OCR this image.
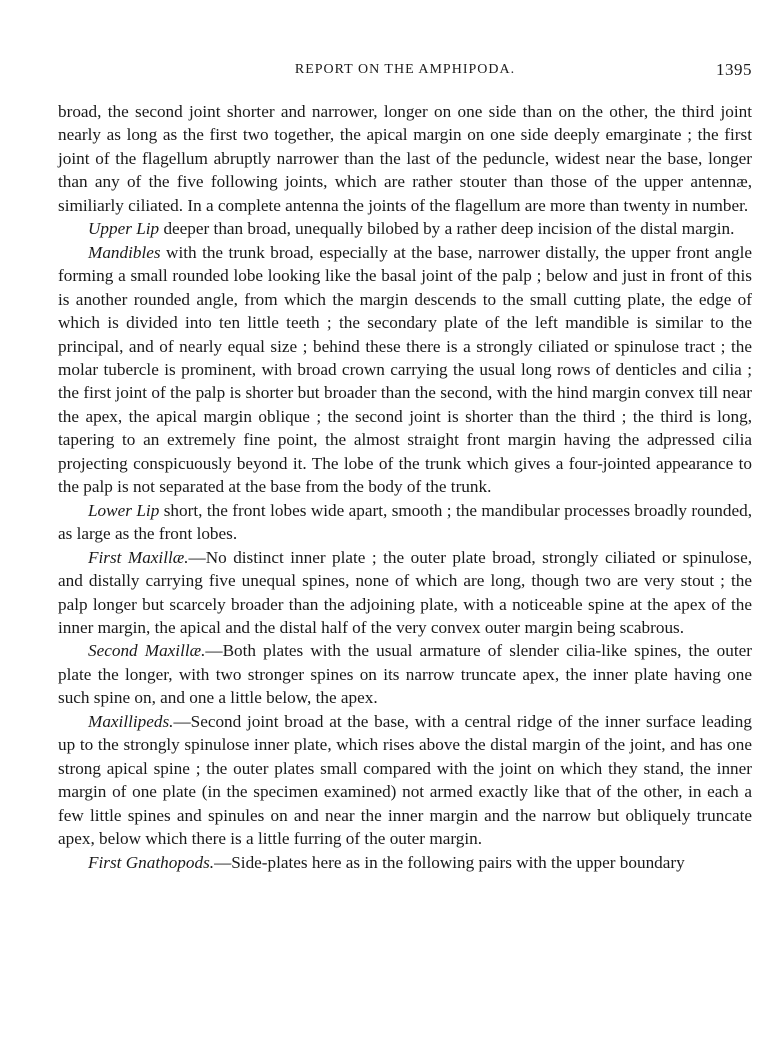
REPORT ON THE AMPHIPODA.	1395

broad, the second joint shorter and narrower, longer on one side than on the other, the third joint nearly as long as the first two together, the apical margin on one side deeply emarginate ; the first joint of the flagellum abruptly narrower than the last of the peduncle, widest near the base, longer than any of the five following joints, which are rather stouter than those of the upper antennæ, similiarly ciliated. In a complete antenna the joints of the flagellum are more than twenty in number.

Upper Lip deeper than broad, unequally bilobed by a rather deep incision of the distal margin.

Mandibles with the trunk broad, especially at the base, narrower distally, the upper front angle forming a small rounded lobe looking like the basal joint of the palp ; below and just in front of this is another rounded angle, from which the margin descends to the small cutting plate, the edge of which is divided into ten little teeth ; the secondary plate of the left mandible is similar to the principal, and of nearly equal size ; behind these there is a strongly ciliated or spinulose tract ; the molar tubercle is prominent, with broad crown carrying the usual long rows of denticles and cilia ; the first joint of the palp is shorter but broader than the second, with the hind margin convex till near the apex, the apical margin oblique ; the second joint is shorter than the third ; the third is long, tapering to an extremely fine point, the almost straight front margin having the adpressed cilia projecting conspicuously beyond it. The lobe of the trunk which gives a four-jointed appearance to the palp is not separated at the base from the body of the trunk.

Lower Lip short, the front lobes wide apart, smooth ; the mandibular processes broadly rounded, as large as the front lobes.

First Maxillæ.—No distinct inner plate ; the outer plate broad, strongly ciliated or spinulose, and distally carrying five unequal spines, none of which are long, though two are very stout ; the palp longer but scarcely broader than the adjoining plate, with a noticeable spine at the apex of the inner margin, the apical and the distal half of the very convex outer margin being scabrous.

Second Maxillæ.—Both plates with the usual armature of slender cilia-like spines, the outer plate the longer, with two stronger spines on its narrow truncate apex, the inner plate having one such spine on, and one a little below, the apex.

Maxillipeds.—Second joint broad at the base, with a central ridge of the inner surface leading up to the strongly spinulose inner plate, which rises above the distal margin of the joint, and has one strong apical spine ; the outer plates small compared with the joint on which they stand, the inner margin of one plate (in the specimen examined) not armed exactly like that of the other, in each a few little spines and spinules on and near the inner margin and the narrow but obliquely truncate apex, below which there is a little furring of the outer margin.

First Gnathopods.—Side-plates here as in the following pairs with the upper boundary
